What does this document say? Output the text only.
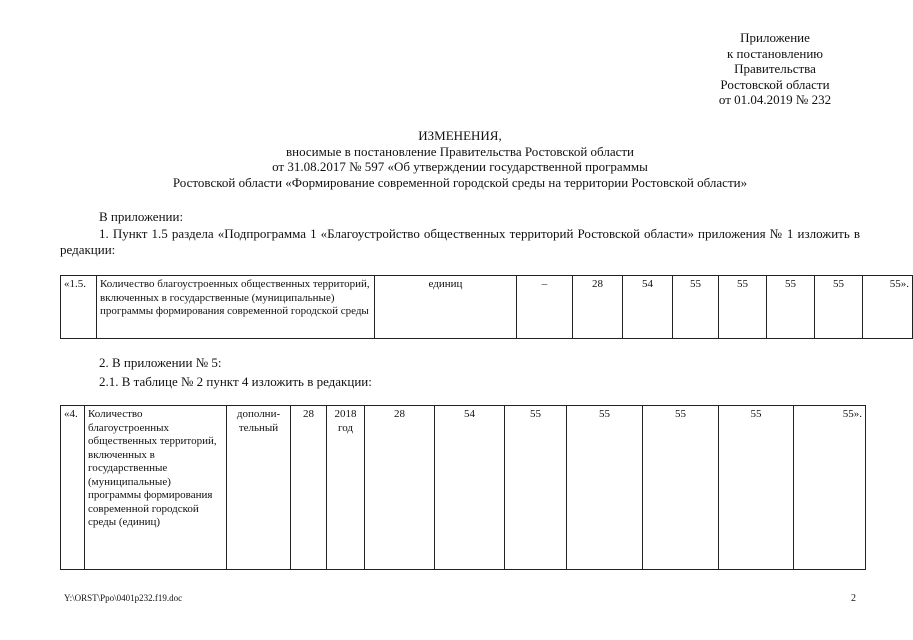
Приложение
к постановлению
Правительства
Ростовской области
от 01.04.2019 № 232
ИЗМЕНЕНИЯ,
вносимые в постановление Правительства Ростовской области
от 31.08.2017 № 597 «Об утверждении государственной программы
Ростовской области «Формирование современной городской среды на территории Ростовской области»
В приложении:
1. Пункт 1.5 раздела «Подпрограмма 1 «Благоустройство общественных территорий Ростовской области» приложения № 1 изложить в редакции:
«1.5.	Количество благоустроенных общественных территорий, включенных в государственные (муниципальные) программы формирования современной городской среды	единиц	–	28	54	55	55	55	55	55».
2. В приложении № 5:
2.1. В таблице № 2 пункт 4 изложить в редакции:
«4.	Количество благоустроенных общественных территорий, включенных в государственные (муниципальные) программы формирования современной городской среды (единиц)	дополни-тельный	28	2018 год	28	54	55	55	55	55	55».
Y:\ORST\Ppo\0401p232.f19.doc	2
